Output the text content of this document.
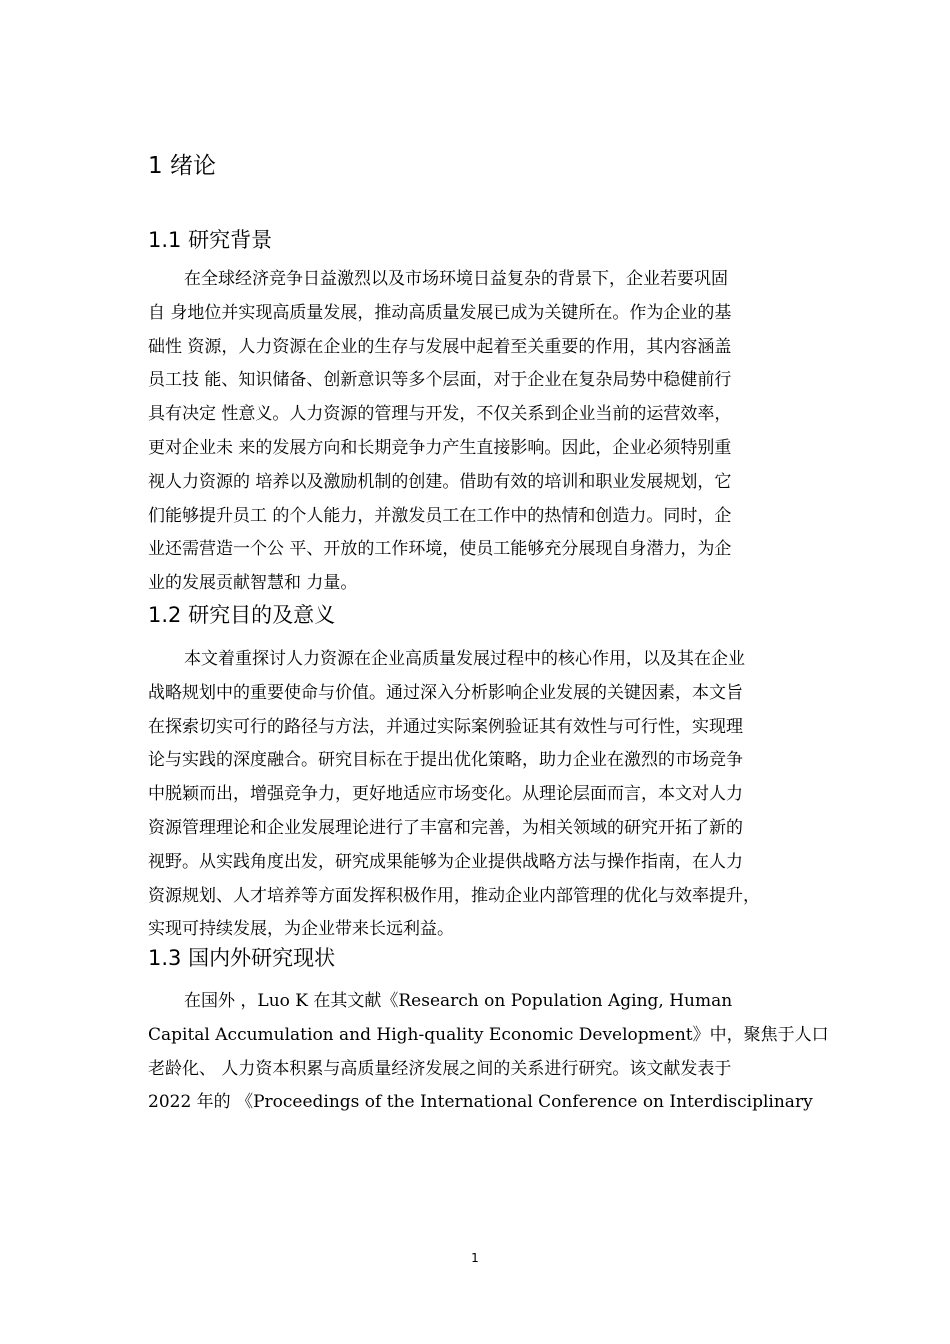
1 绪论
1.1 研究背景
在全球经济竞争日益激烈以及市场环境日益复杂的背景下，企业若要巩固
自 身地位并实现高质量发展，推动高质量发展已成为关键所在。作为企业的基
础性 资源，人力资源在企业的生存与发展中起着至关重要的作用，其内容涵盖
员工技 能、知识储备、创新意识等多个层面，对于企业在复杂局势中稳健前行
具有决定 性意义。人力资源的管理与开发，不仅关系到企业当前的运营效率，
更对企业未 来的发展方向和长期竞争力产生直接影响。因此，企业必须特别重
视人力资源的 培养以及激励机制的创建。借助有效的培训和职业发展规划，它
们能够提升员工 的个人能力，并激发员工在工作中的热情和创造力。同时，企
业还需营造一个公 平、开放的工作环境，使员工能够充分展现自身潜力，为企
业的发展贡献智慧和 力量。
1.2 研究目的及意义
本文着重探讨人力资源在企业高质量发展过程中的核心作用，以及其在企业
战略规划中的重要使命与价值。通过深入分析影响企业发展的关键因素，本文旨
在探索切实可行的路径与方法，并通过实际案例验证其有效性与可行性，实现理
论与实践的深度融合。研究目标在于提出优化策略，助力企业在激烈的市场竞争
中脱颖而出，增强竞争力，更好地适应市场变化。从理论层面而言，本文对人力
资源管理理论和企业发展理论进行了丰富和完善，为相关领域的研究开拓了新的
视野。从实践角度出发，研究成果能够为企业提供战略方法与操作指南，在人力
资源规划、人才培养等方面发挥积极作用，推动企业内部管理的优化与效率提升，
实现可持续发展，为企业带来长远利益。
1.3 国内外研究现状
在国外 ，Luo K 在其文献《Research on Population Aging, Human
Capital Accumulation and High-quality Economic Development》中，聚焦于人口
老龄化、 人力资本积累与高质量经济发展之间的关系进行研究。该文献发表于
2022 年的 《Proceedings of the International Conference on Interdisciplinary
1
